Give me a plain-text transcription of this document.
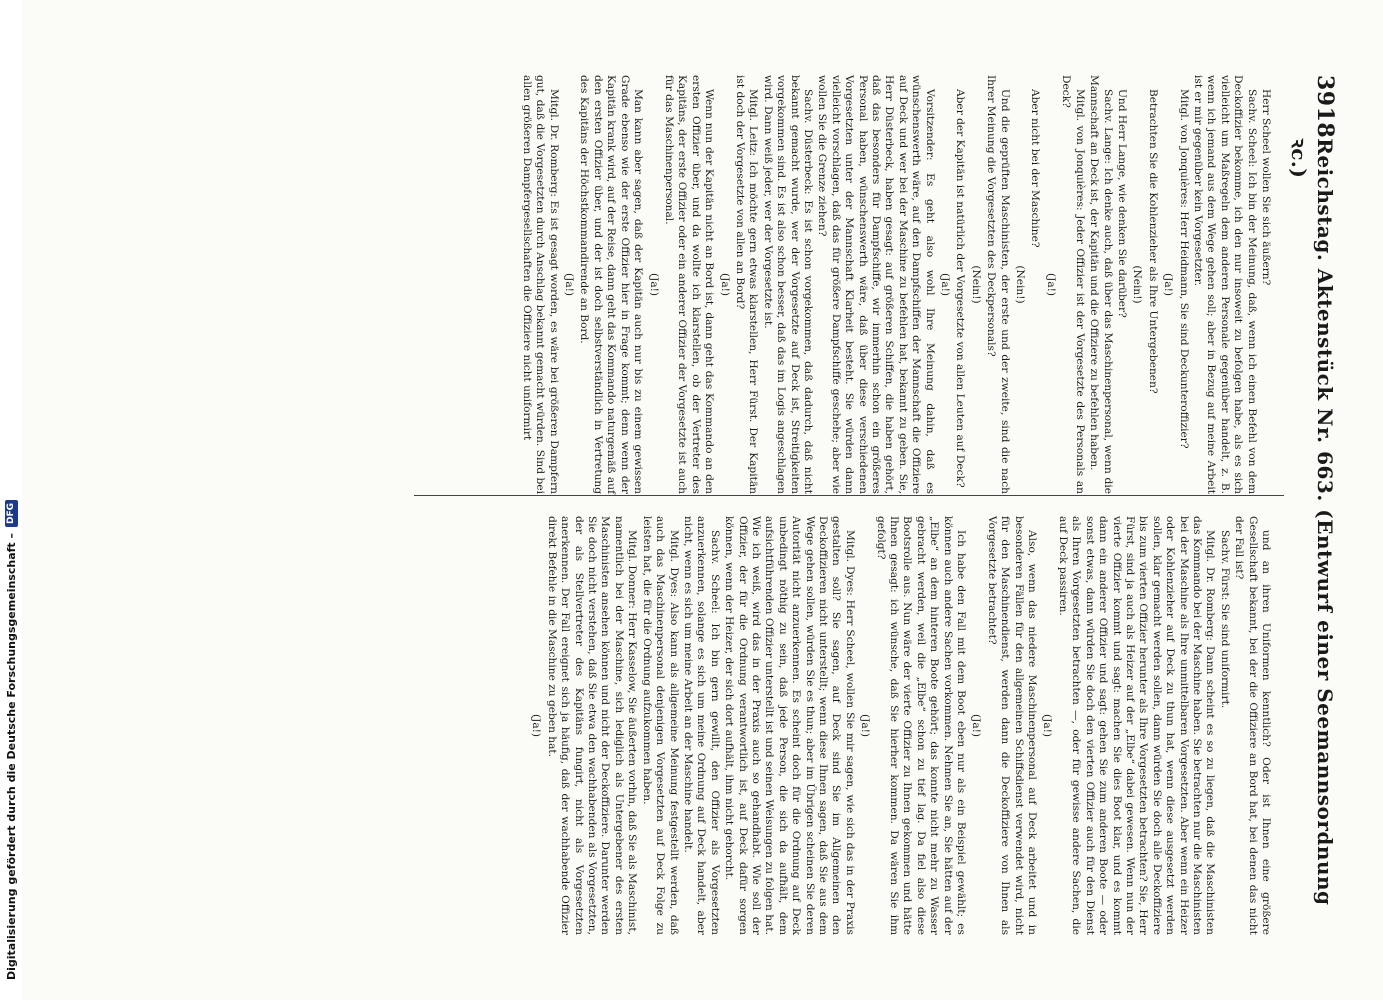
Digitalisierung gefördert durch die Deutsche Forschungsgemeinschaft –
DFG
3918
Reichstag. Aktenstück Nr. 663. (Entwurf einer Seemannsordnung ꝛc.)

Herr Scheel wollen Sie sich äußern?

Sachv. Scheel: Ich bin der Meinung, daß, wenn ich einen Befehl von dem Deckoffizier bekomme, ich den nur insoweit zu befolgen habe, als es sich vielleicht um Maßregeln dem anderen Personale gegenüber handelt, z. B. wenn ich jemand aus dem Wege gehen soll; aber in Bezug auf meine Arbeit ist er mir gegenüber kein Vorgesetzter.

Mitgl. von Jonquières: Herr Heidmann, Sie sind Deckunteroffizier?

(Ja!)

Betrachten Sie die Kohlenzieher als Ihre Untergebenen?

(Nein!)

Und Herr Lange, wie denken Sie darüber?

Sachv. Lange: Ich denke auch, daß über das Maschinenpersonal, wenn die Mannschaft an Deck ist, der Kapitän und die Offiziere zu befehlen haben.

Mitgl. von Jonquières: Jeder Offizier ist der Vorgesetzte des Personals an Deck?

(Ja!)

Aber nicht bei der Maschine?

(Nein!)

Und die geprüften Maschinisten, der erste und der zweite, sind die nach Ihrer Meinung die Vorgesetzten des Deckpersonals?

(Nein!)

Aber der Kapitän ist natürlich der Vorgesetzte von allen Leuten auf Deck?

(Ja!)

Vorsitzender: Es geht also wohl Ihre Meinung dahin, daß es wünschenswerth wäre, auf den Dampfschiffen der Mannschaft die Offiziere auf Deck und wer bei der Maschine zu befehlen hat, bekannt zu geben. Sie, Herr Düsterbeck, haben gesagt: auf größeren Schiffen, die haben gehört, daß das besonders für Dampfschiffe, wir immerhin schon ein größeres Personal haben, wünschenswerth wäre, daß über diese verschiedenen Vorgesetzten unter der Mannschaft Klarheit besteht. Sie würden dann vielleicht vorschlagen, daß das für größere Dampfschiffe geschehe; aber wie wollen Sie die Grenze ziehen?

Sachv. Düsterbeck: Es ist schon vorgekommen, daß dadurch, daß nicht bekannt gemacht wurde, wer der Vorgesetzte auf Deck ist, Streitigkeiten vorgekommen sind. Es ist also schon besser, daß das im Logis angeschlagen wird. Dann weiß jeder, wer der Vorgesetzte ist.

Mitgl. Leitz: Ich möchte gern etwas klarstellen, Herr Fürst. Der Kapitän ist doch der Vorgesetzte von allen an Bord?

(Ja!)

Wenn nun der Kapitän nicht an Bord ist, dann geht das Kommando an den ersten Offizier über, und da wollte ich klarstellen, ob der Vertreter des Kapitäns, der erste Offizier oder ein anderer Offizier der Vorgesetzte ist auch für das Maschinenpersonal.

(Ja!)

Man kann aber sagen, daß der Kapitän auch nur bis zu einem gewissen Grade ebenso wie der erste Offizier hier in Frage kommt; denn wenn der Kapitän krank wird, auf der Reise, dann geht das Kommando naturgemäß auf den ersten Offizier über, und der ist doch selbstverständlich in Vertretung des Kapitäns der Höchstkommandirende an Bord.

(Ja!)

Mitgl. Dr. Romberg: Es ist gesagt worden, es wäre bei größeren Dampfern gut, daß die Vorgesetzten durch Anschlag bekannt gemacht würden. Sind bei allen größeren Dampfergesellschaften die Offiziere nicht uniformirt

und an ihren Uniformen kenntlich? Oder ist Ihnen eine größere Gesellschaft bekannt, bei der die Offiziere an Bord hat, bei denen das nicht der Fall ist?

Sachv. Fürst: Sie sind uniformirt.

Mitgl. Dr. Romberg: Dann scheint es so zu liegen, daß die Maschinisten das Kommando bei der Maschine haben. Sie betrachten nur die Maschinisten bei der Maschine als Ihre unmittelbaren Vorgesetzten. Aber wenn ein Heizer oder Kohlenzieher auf Deck zu thun hat, wenn diese ausgesetzt werden sollen, klar gemacht werden sollen, dann würden Sie doch alle Deckoffiziere bis zum vierten Offizier herunter als Ihre Vorgesetzten betrachten? Sie, Herr Fürst, sind ja auch als Heizer auf der „Elbe“ dabei gewesen. Wenn nun der vierte Offizier kommt und sagt: machen Sie dies Boot klar, und es kommt dann ein anderer Offizier und sagt: gehen Sie zum anderen Boote — oder sonst etwas, dann würden Sie doch den vierten Offizier auch für den Dienst als Ihren Vorgesetzten betrachten —, oder für gewisse andere Sachen, die auf Deck passiren.

(Ja!)

Also, wenn das niedere Maschinenpersonal auf Deck arbeitet und in besonderen Fällen für den allgemeinen Schiffsdienst verwendet wird, nicht für den Maschinendienst, werden dann die Deckoffiziere von Ihnen als Vorgesetzte betrachtet?

(Ja!)

Ich habe den Fall mit dem Boot eben nur als ein Beispiel gewählt; es können auch andere Sachen vorkommen. Nehmen Sie an, Sie hätten auf der „Elbe“ an dem hinteren Boote gehört; das konnte nicht mehr zu Wasser gebracht werden, weil die „Elbe“ schon zu tief lag. Da fiel also diese Bootsrolle aus. Nun wäre der vierte Offizier zu Ihnen gekommen und hätte Ihnen gesagt: ich wünsche, daß Sie hierher kommen. Da wären Sie ihm gefolgt?

(Ja!)

Mitgl. Dyes: Herr Scheel, wollen Sie mir sagen, wie sich das in der Praxis gestalten soll? Sie sagen, auf Deck sind Sie im Allgemeinen den Deckoffizieren nicht unterstellt; wenn diese Ihnen sagen, daß Sie aus dem Wege gehen sollen, würden Sie es thun; aber im Übrigen scheinen Sie deren Autorität nicht anzuerkennen. Es scheint doch für die Ordnung auf Deck unbedingt nöthig zu sein, daß jede Person, die sich da aufhält, dem aufsichtführenden Offizier unterstellt ist und seinen Weisungen zu folgen hat. Wie ich weiß, wird das in der Praxis auch so gehandhabt. Wie soll der Offizier, der für die Ordnung verantwortlich ist, auf Deck dafür sorgen können, wenn der Heizer, der sich dort aufhält, ihm nicht gehorcht.

Sachv. Scheel: Ich bin gern gewillt, den Offizier als Vorgesetzten anzuerkennen, solange es sich um meine Ordnung auf Deck handelt, aber nicht, wenn es sich um meine Arbeit an der Maschine handelt.

Mitgl. Dyes: Also kann als allgemeine Meinung festgestellt werden, daß auch das Maschinenpersonal denjenigen Vorgesetzten auf Deck Folge zu leisten hat, die für die Ordnung aufzukommen haben.

Mitgl. Donner: Herr Kasselow, Sie äußerten vorhin, daß Sie als Maschinist, namentlich bei der Maschine, sich lediglich als Untergebener des ersten Maschinisten ansehen können und nicht der Deckoffiziere. Darunter werden Sie doch nicht verstehen, daß Sie etwa den wachhabenden als Vorgesetzten, der als Stellvertreter des Kapitäns fungirt, nicht als Vorgesetzten anerkennen. Der Fall ereignet sich ja häufig, daß der wachhabende Offizier direkt Befehle in die Maschine zu geben hat.

(Ja!)
